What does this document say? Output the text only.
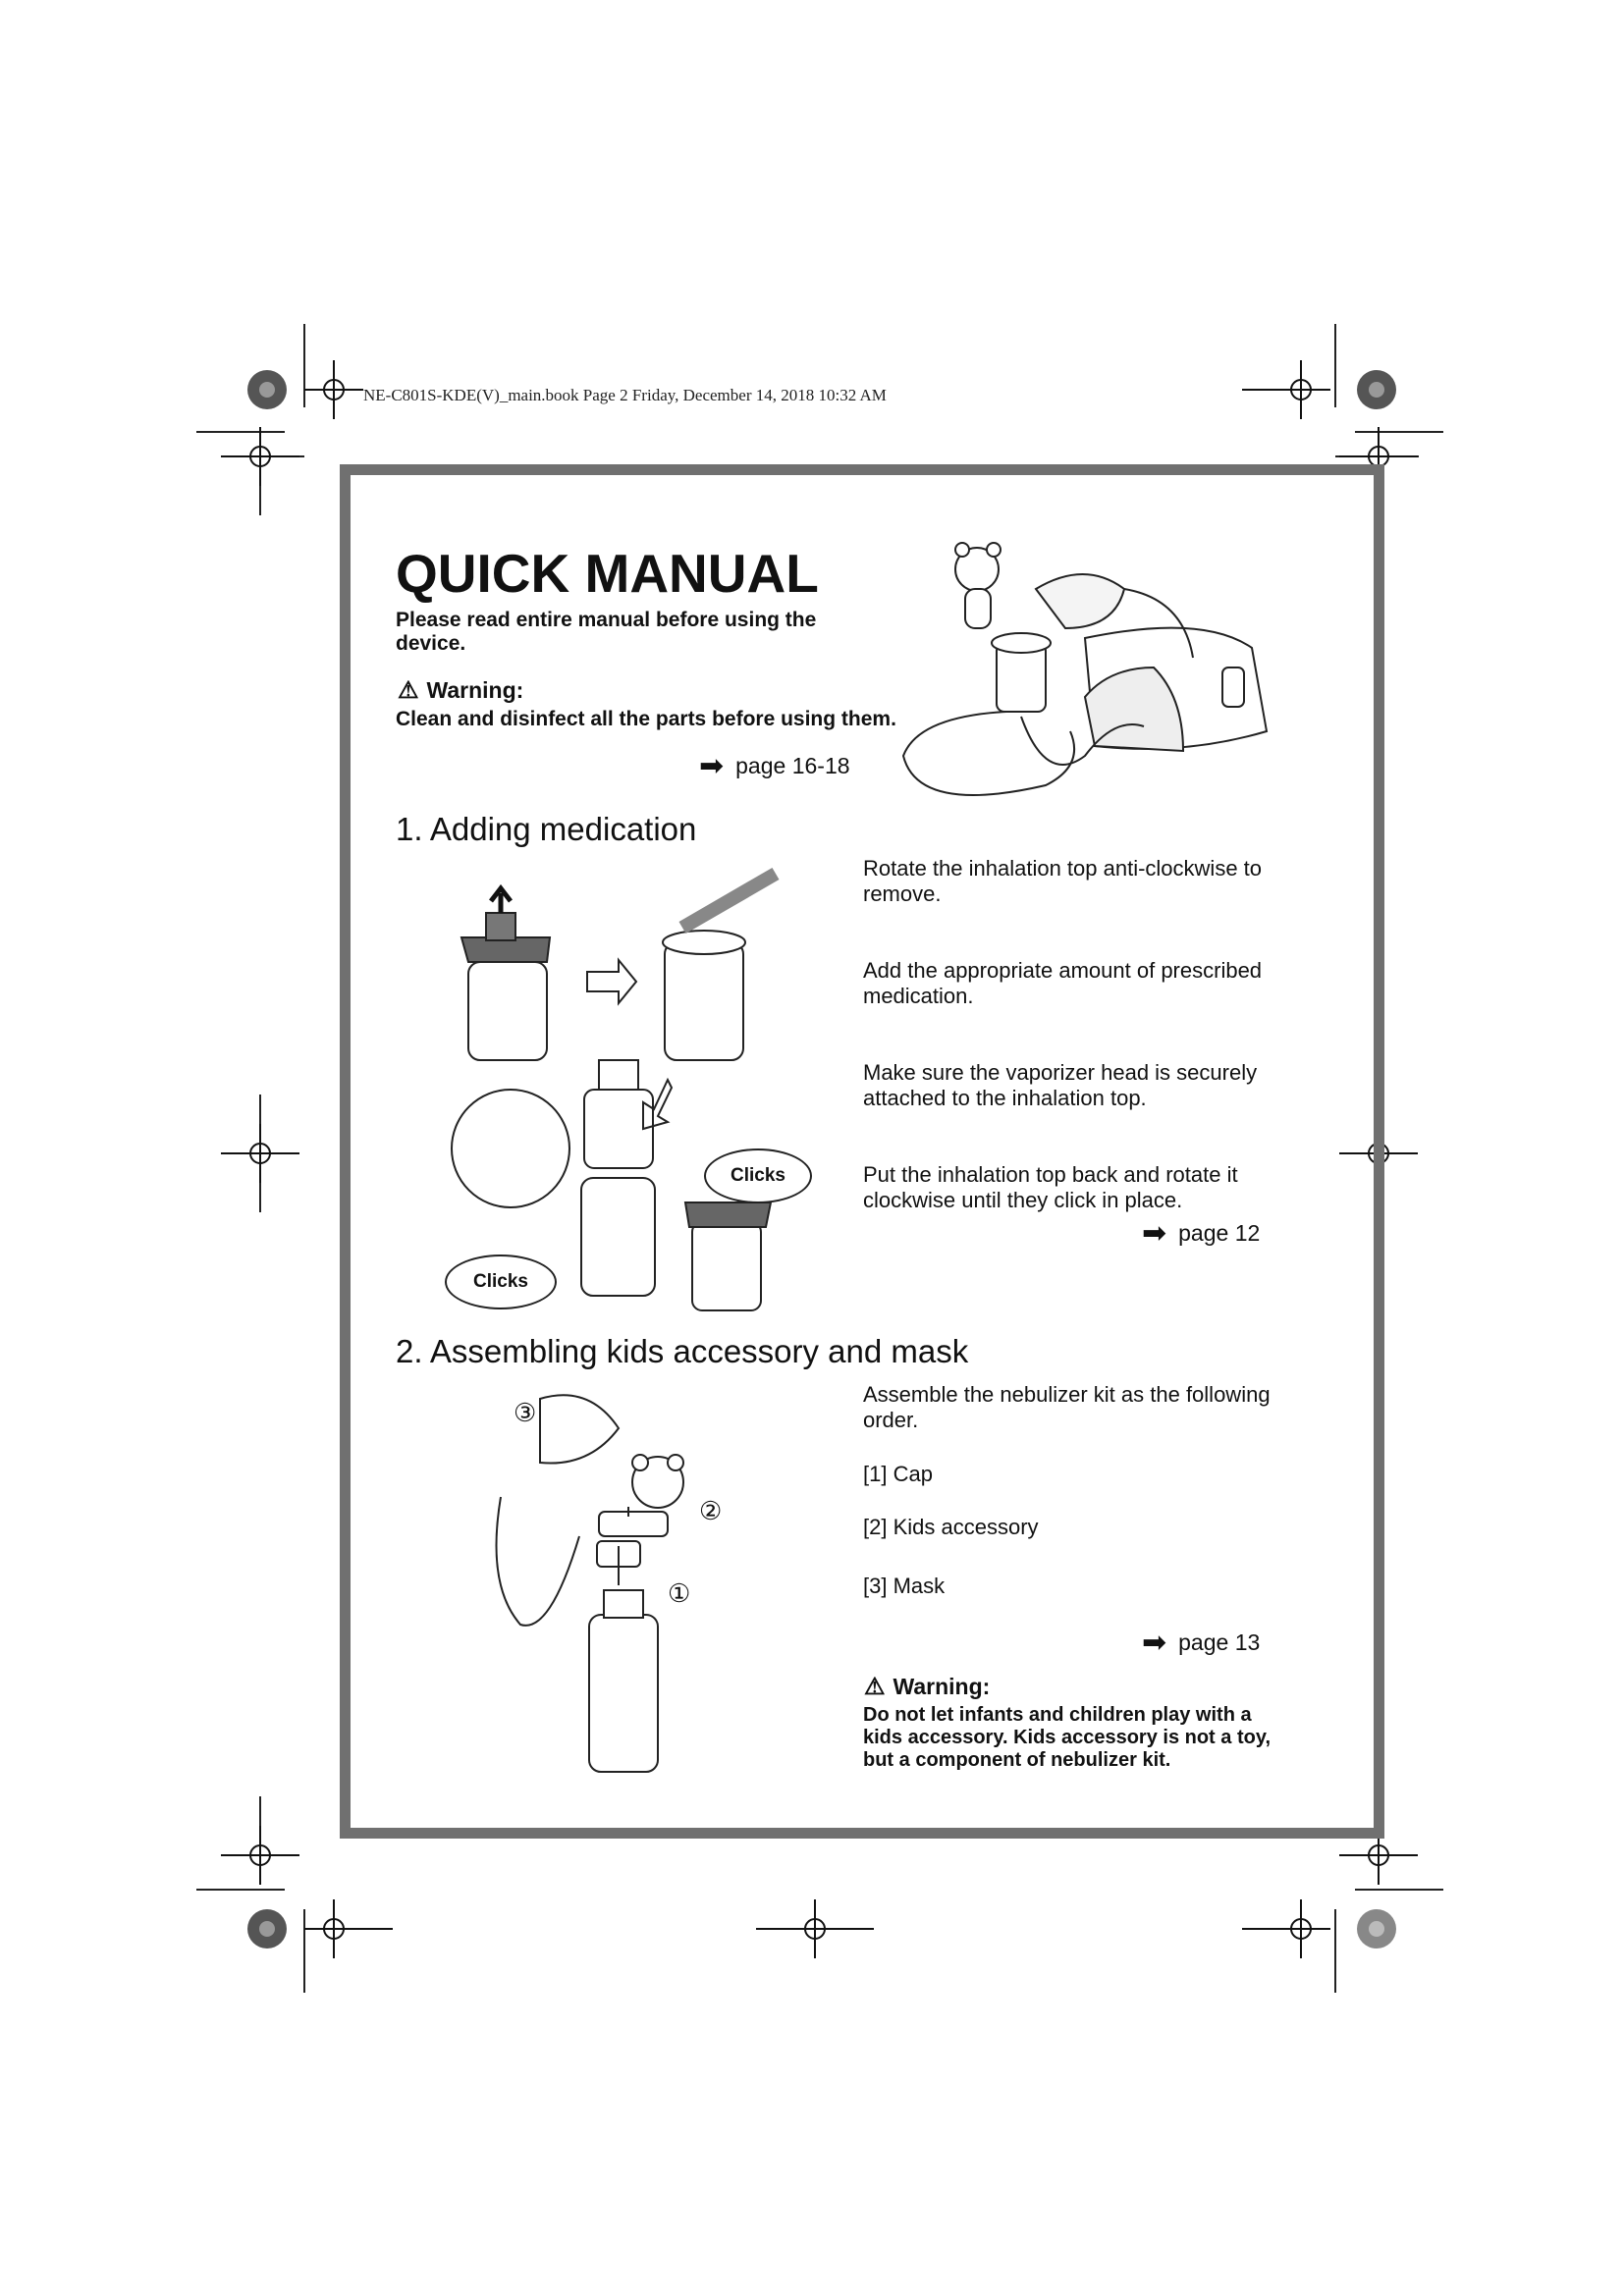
NE-C801S-KDE(V)_main.book Page 2 Friday, December 14, 2018 10:32 AM
QUICK MANUAL
Please read entire manual before using the device.
⚠ Warning:
Clean and disinfect all the parts before using them.
➡ page 16-18
1. Adding medication
Clicks
Clicks
Rotate the inhalation top anti-clockwise to remove.
Add the appropriate amount of prescribed medication.
Make sure the vaporizer head is securely attached to the inhalation top.
Put the inhalation top back and rotate it clockwise until they click in place.
➡ page 12
2. Assembling kids accessory and mask
③
②
①
Assemble the nebulizer kit as the following order.
[1] Cap
[2] Kids accessory
[3] Mask
➡ page 13
⚠ Warning:
Do not let infants and children play with a kids accessory. Kids accessory is not a toy, but a component of nebulizer kit.
